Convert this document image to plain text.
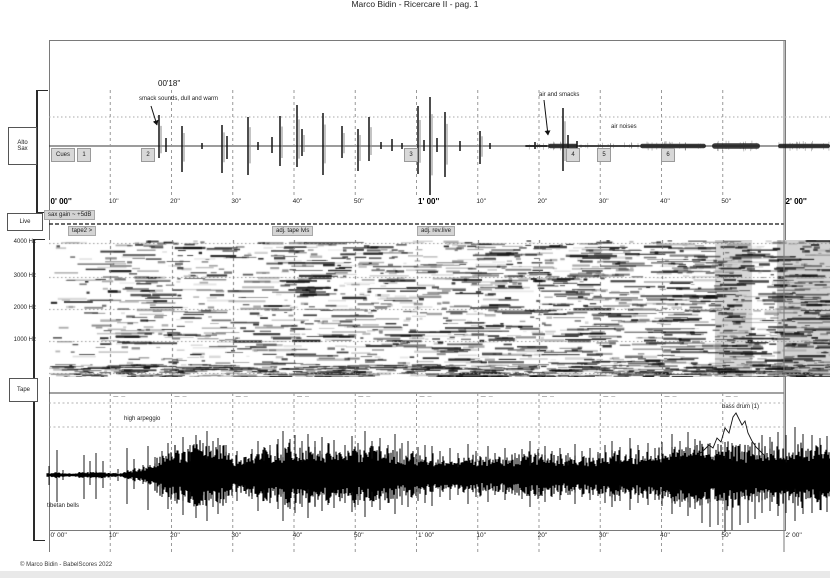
Marco Bidin - Ricercare II - pag. 1
Alto
Sax
Live
Tape
00'18''
smack sounds, dull and warm
air and smacks
air noises
high arpeggio
tibetan bells
bass drum (1)
Cues
© Marco Bidin - BabelScores 2022
0' 00''
0' 00''
10''
10''
20''
20''
30''
30''
40''
40''
50''
50''
1' 00''
1' 00''
10''
10''
20''
20''
30''
30''
40''
40''
50''
50''
2' 00''
2' 00''
1	2	3	4	5	6
sax gain ~ +5dB
tape2 >	adj. tape lvls	adj. rev.live
4000 Hz
3000 Hz
2000 Hz
1000 Hz
